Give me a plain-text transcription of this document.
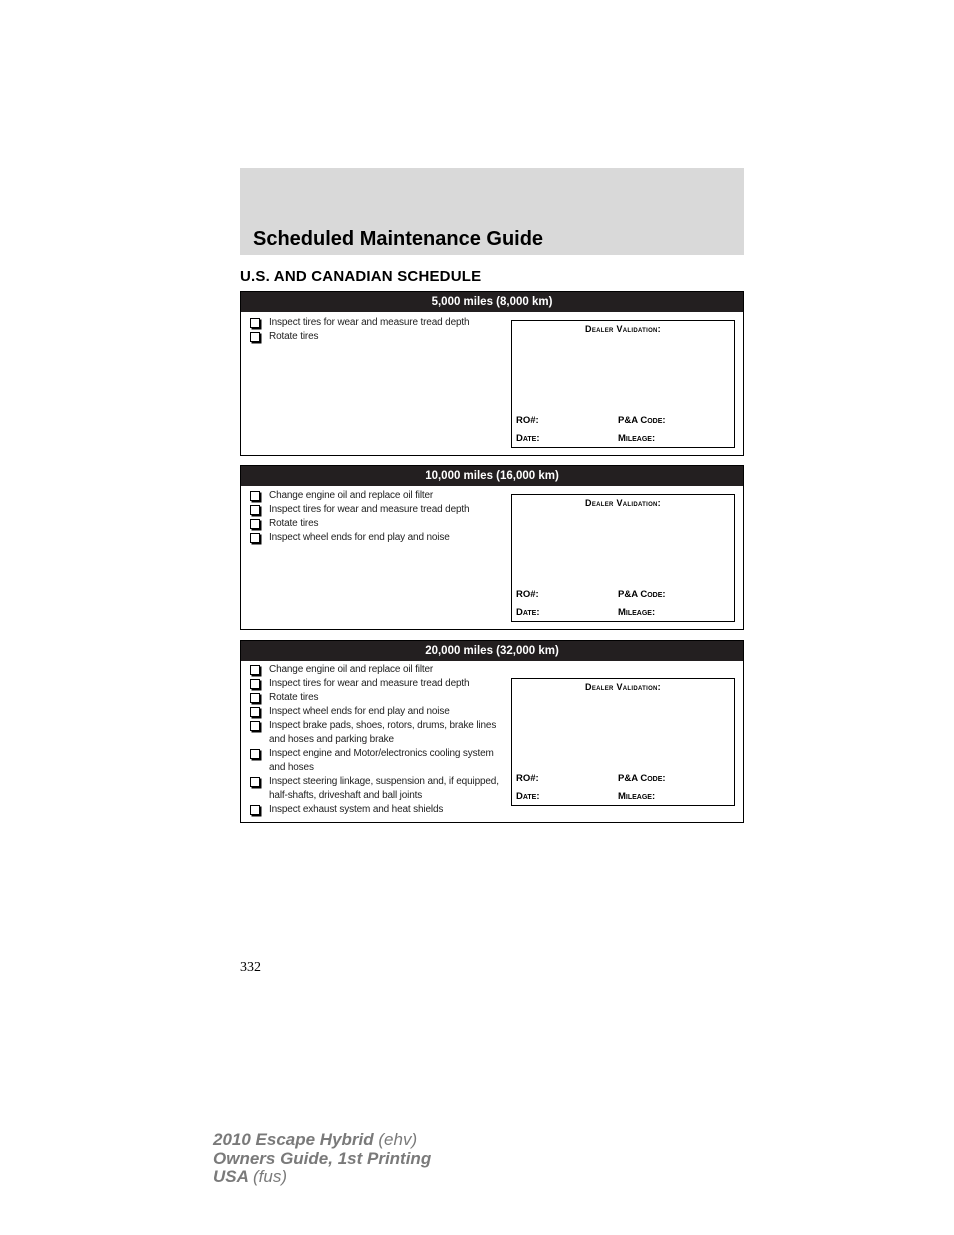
Scheduled Maintenance Guide
U.S. AND CANADIAN SCHEDULE
5,000 miles (8,000 km)
Inspect tires for wear and measure tread depth
Rotate tires
Dealer Validation:
RO#:	P&A Code:
Date:	Mileage:
10,000 miles (16,000 km)
Change engine oil and replace oil filter
Inspect tires for wear and measure tread depth
Rotate tires
Inspect wheel ends for end play and noise
Dealer Validation:
RO#:	P&A Code:
Date:	Mileage:
20,000 miles (32,000 km)
Change engine oil and replace oil filter
Inspect tires for wear and measure tread depth
Rotate tires
Inspect wheel ends for end play and noise
Inspect brake pads, shoes, rotors, drums, brake lines and hoses and parking brake
Inspect engine and Motor/electronics cooling system and hoses
Inspect steering linkage, suspension and, if equipped, half-shafts, driveshaft and ball joints
Inspect exhaust system and heat shields
Dealer Validation:
RO#:	P&A Code:
Date:	Mileage:
332
2010 Escape Hybrid (ehv)
Owners Guide, 1st Printing
USA (fus)
